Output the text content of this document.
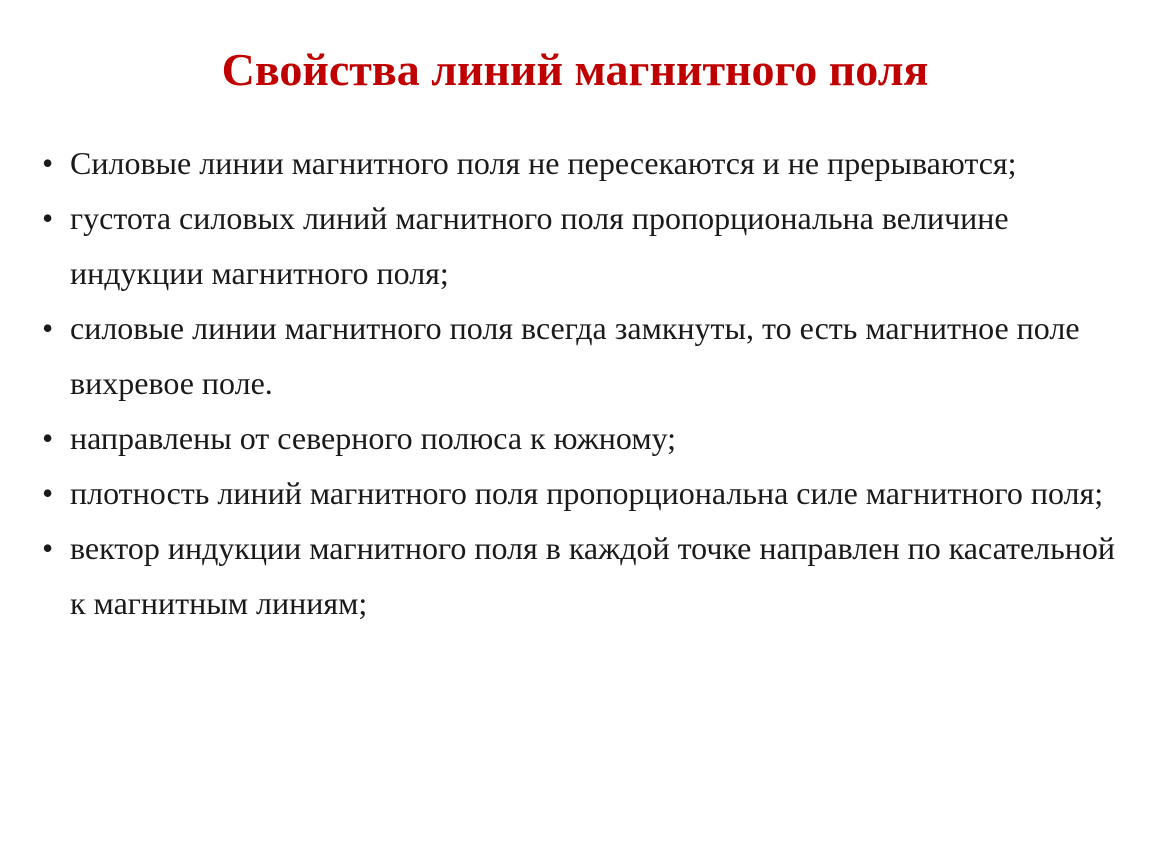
Свойства линий магнитного поля
• Силовые линии магнитного поля не пересекаются и не прерываются;
• густота силовых линий магнитного поля пропорциональна величине индукции магнитного поля;
• силовые линии магнитного поля всегда замкнуты, то есть магнитное поле вихревое поле.
• направлены от северного полюса к южному;
• плотность линий магнитного поля пропорциональна силе магнитного поля;
• вектор индукции магнитного поля в каждой точке направлен по касательной к магнитным линиям;
